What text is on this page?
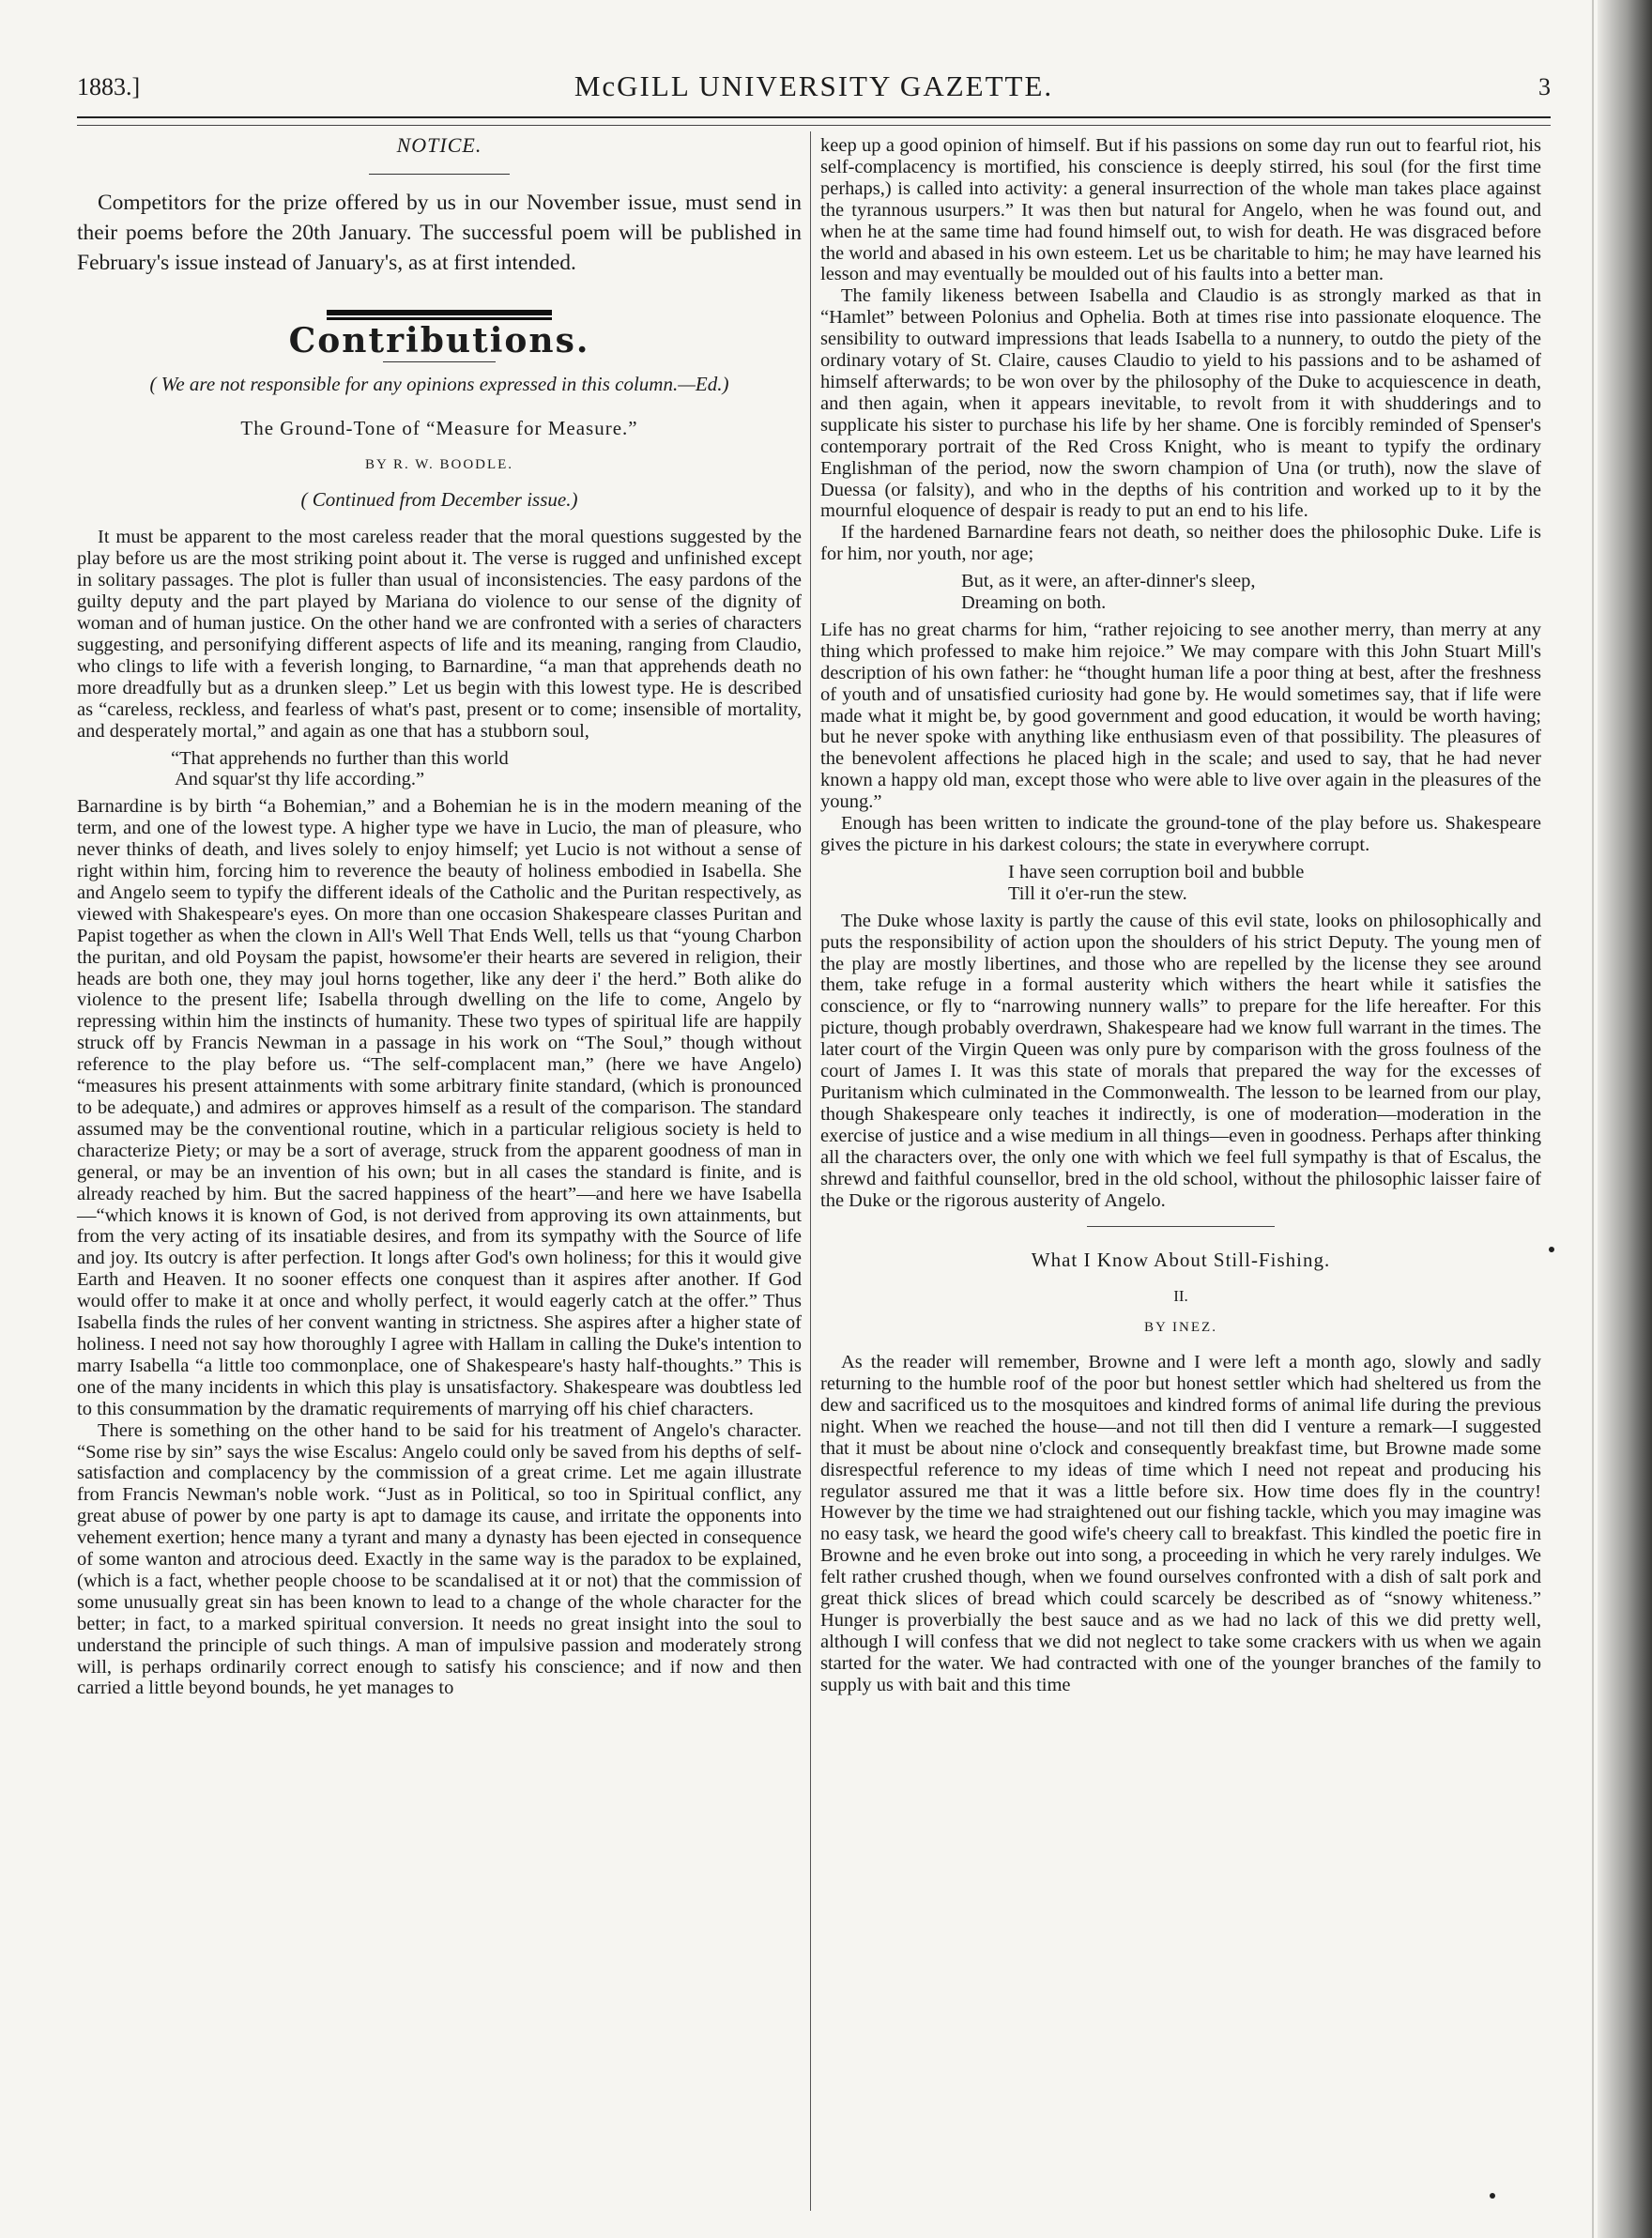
1883.]	McGILL UNIVERSITY GAZETTE.	3
NOTICE.

Competitors for the prize offered by us in our November issue, must send in their poems before the 20th January. The successful poem will be published in February's issue instead of January's, as at first intended.

Contributions.
( We are not responsible for any opinions expressed in this column.—Ed.)
The Ground-Tone of “Measure for Measure.”
BY R. W. BOODLE.
( Continued from December issue.)

It must be apparent to the most careless reader that the moral questions suggested by the play before us are the most striking point about it. The verse is rugged and unfinished except in solitary passages. The plot is fuller than usual of inconsistencies. The easy pardons of the guilty deputy and the part played by Mariana do violence to our sense of the dignity of woman and of human justice. On the other hand we are confronted with a series of characters suggesting, and personifying different aspects of life and its meaning, ranging from Claudio, who clings to life with a feverish longing, to Barnardine, “a man that apprehends death no more dreadfully but as a drunken sleep.” Let us begin with this lowest type. He is described as “careless, reckless, and fearless of what's past, present or to come; insensible of mortality, and desperately mortal,” and again as one that has a stubborn soul,

“That apprehends no further than this world
And squar'st thy life according.”

Barnardine is by birth “a Bohemian,” and a Bohemian he is in the modern meaning of the term, and one of the lowest type. A higher type we have in Lucio, the man of pleasure, who never thinks of death, and lives solely to enjoy himself; yet Lucio is not without a sense of right within him, forcing him to reverence the beauty of holiness embodied in Isabella. She and Angelo seem to typify the different ideals of the Catholic and the Puritan respectively, as viewed with Shakespeare's eyes. On more than one occasion Shakespeare classes Puritan and Papist together as when the clown in All's Well That Ends Well, tells us that “young Charbon the puritan, and old Poysam the papist, howsome'er their hearts are severed in religion, their heads are both one, they may joul horns together, like any deer i' the herd.” Both alike do violence to the present life; Isabella through dwelling on the life to come, Angelo by repressing within him the instincts of humanity. These two types of spiritual life are happily struck off by Francis Newman in a passage in his work on “The Soul,” though without reference to the play before us. “The self-complacent man,” (here we have Angelo) “measures his present attainments with some arbitrary finite standard, (which is pronounced to be adequate,) and admires or approves himself as a result of the comparison. The standard assumed may be the conventional routine, which in a particular religious society is held to characterize Piety; or may be a sort of average, struck from the apparent goodness of man in general, or may be an invention of his own; but in all cases the standard is finite, and is already reached by him. But the sacred happiness of the heart”—and here we have Isabella—“which knows it is known of God, is not derived from approving its own attainments, but from the very acting of its insatiable desires, and from its sympathy with the Source of life and joy. Its outcry is after perfection. It longs after God's own holiness; for this it would give Earth and Heaven. It no sooner effects one conquest than it aspires after another. If God would offer to make it at once and wholly perfect, it would eagerly catch at the offer.” Thus Isabella finds the rules of her convent wanting in strictness. She aspires after a higher state of holiness. I need not say how thoroughly I agree with Hallam in calling the Duke's intention to marry Isabella “a little too commonplace, one of Shakespeare's hasty half-thoughts.” This is one of the many incidents in which this play is unsatisfactory. Shakespeare was doubtless led to this consummation by the dramatic requirements of marrying off his chief characters.

There is something on the other hand to be said for his treatment of Angelo's character. “Some rise by sin” says the wise Escalus: Angelo could only be saved from his depths of self-satisfaction and complacency by the commission of a great crime. Let me again illustrate from Francis Newman's noble work. “Just as in Political, so too in Spiritual conflict, any great abuse of power by one party is apt to damage its cause, and irritate the opponents into vehement exertion; hence many a tyrant and many a dynasty has been ejected in consequence of some wanton and atrocious deed. Exactly in the same way is the paradox to be explained, (which is a fact, whether people choose to be scandalised at it or not) that the commission of some unusually great sin has been known to lead to a change of the whole character for the better; in fact, to a marked spiritual conversion. It needs no great insight into the soul to understand the principle of such things. A man of impulsive passion and moderately strong will, is perhaps ordinarily correct enough to satisfy his conscience; and if now and then carried a little beyond bounds, he yet manages to

keep up a good opinion of himself. But if his passions on some day run out to fearful riot, his self-complacency is mortified, his conscience is deeply stirred, his soul (for the first time perhaps,) is called into activity: a general insurrection of the whole man takes place against the tyrannous usurpers.” It was then but natural for Angelo, when he was found out, and when he at the same time had found himself out, to wish for death. He was disgraced before the world and abased in his own esteem. Let us be charitable to him; he may have learned his lesson and may eventually be moulded out of his faults into a better man.

The family likeness between Isabella and Claudio is as strongly marked as that in “Hamlet” between Polonius and Ophelia. Both at times rise into passionate eloquence. The sensibility to outward impressions that leads Isabella to a nunnery, to outdo the piety of the ordinary votary of St. Claire, causes Claudio to yield to his passions and to be ashamed of himself afterwards; to be won over by the philosophy of the Duke to acquiescence in death, and then again, when it appears inevitable, to revolt from it with shudderings and to supplicate his sister to purchase his life by her shame. One is forcibly reminded of Spenser's contemporary portrait of the Red Cross Knight, who is meant to typify the ordinary Englishman of the period, now the sworn champion of Una (or truth), now the slave of Duessa (or falsity), and who in the depths of his contrition and worked up to it by the mournful eloquence of despair is ready to put an end to his life.

If the hardened Barnardine fears not death, so neither does the philosophic Duke. Life is for him, nor youth, nor age;

But, as it were, an after-dinner's sleep,
Dreaming on both.

Life has no great charms for him, “rather rejoicing to see another merry, than merry at any thing which professed to make him rejoice.” We may compare with this John Stuart Mill's description of his own father: he “thought human life a poor thing at best, after the freshness of youth and of unsatisfied curiosity had gone by. He would sometimes say, that if life were made what it might be, by good government and good education, it would be worth having; but he never spoke with anything like enthusiasm even of that possibility. The pleasures of the benevolent affections he placed high in the scale; and used to say, that he had never known a happy old man, except those who were able to live over again in the pleasures of the young.”

Enough has been written to indicate the ground-tone of the play before us. Shakespeare gives the picture in his darkest colours; the state in everywhere corrupt.

I have seen corruption boil and bubble
Till it o'er-run the stew.

The Duke whose laxity is partly the cause of this evil state, looks on philosophically and puts the responsibility of action upon the shoulders of his strict Deputy. The young men of the play are mostly libertines, and those who are repelled by the license they see around them, take refuge in a formal austerity which withers the heart while it satisfies the conscience, or fly to “narrowing nunnery walls” to prepare for the life hereafter. For this picture, though probably overdrawn, Shakespeare had we know full warrant in the times. The later court of the Virgin Queen was only pure by comparison with the gross foulness of the court of James I. It was this state of morals that prepared the way for the excesses of Puritanism which culminated in the Commonwealth. The lesson to be learned from our play, though Shakespeare only teaches it indirectly, is one of moderation—moderation in the exercise of justice and a wise medium in all things—even in goodness. Perhaps after thinking all the characters over, the only one with which we feel full sympathy is that of Escalus, the shrewd and faithful counsellor, bred in the old school, without the philosophic laisser faire of the Duke or the rigorous austerity of Angelo.

What I Know About Still-Fishing.
II.
BY INEZ.

As the reader will remember, Browne and I were left a month ago, slowly and sadly returning to the humble roof of the poor but honest settler which had sheltered us from the dew and sacrificed us to the mosquitoes and kindred forms of animal life during the previous night. When we reached the house—and not till then did I venture a remark—I suggested that it must be about nine o'clock and consequently breakfast time, but Browne made some disrespectful reference to my ideas of time which I need not repeat and producing his regulator assured me that it was a little before six. How time does fly in the country! However by the time we had straightened out our fishing tackle, which you may imagine was no easy task, we heard the good wife's cheery call to breakfast. This kindled the poetic fire in Browne and he even broke out into song, a proceeding in which he very rarely indulges. We felt rather crushed though, when we found ourselves confronted with a dish of salt pork and great thick slices of bread which could scarcely be described as of “snowy whiteness.” Hunger is proverbially the best sauce and as we had no lack of this we did pretty well, although I will confess that we did not neglect to take some crackers with us when we again started for the water. We had contracted with one of the younger branches of the family to supply us with bait and this time
